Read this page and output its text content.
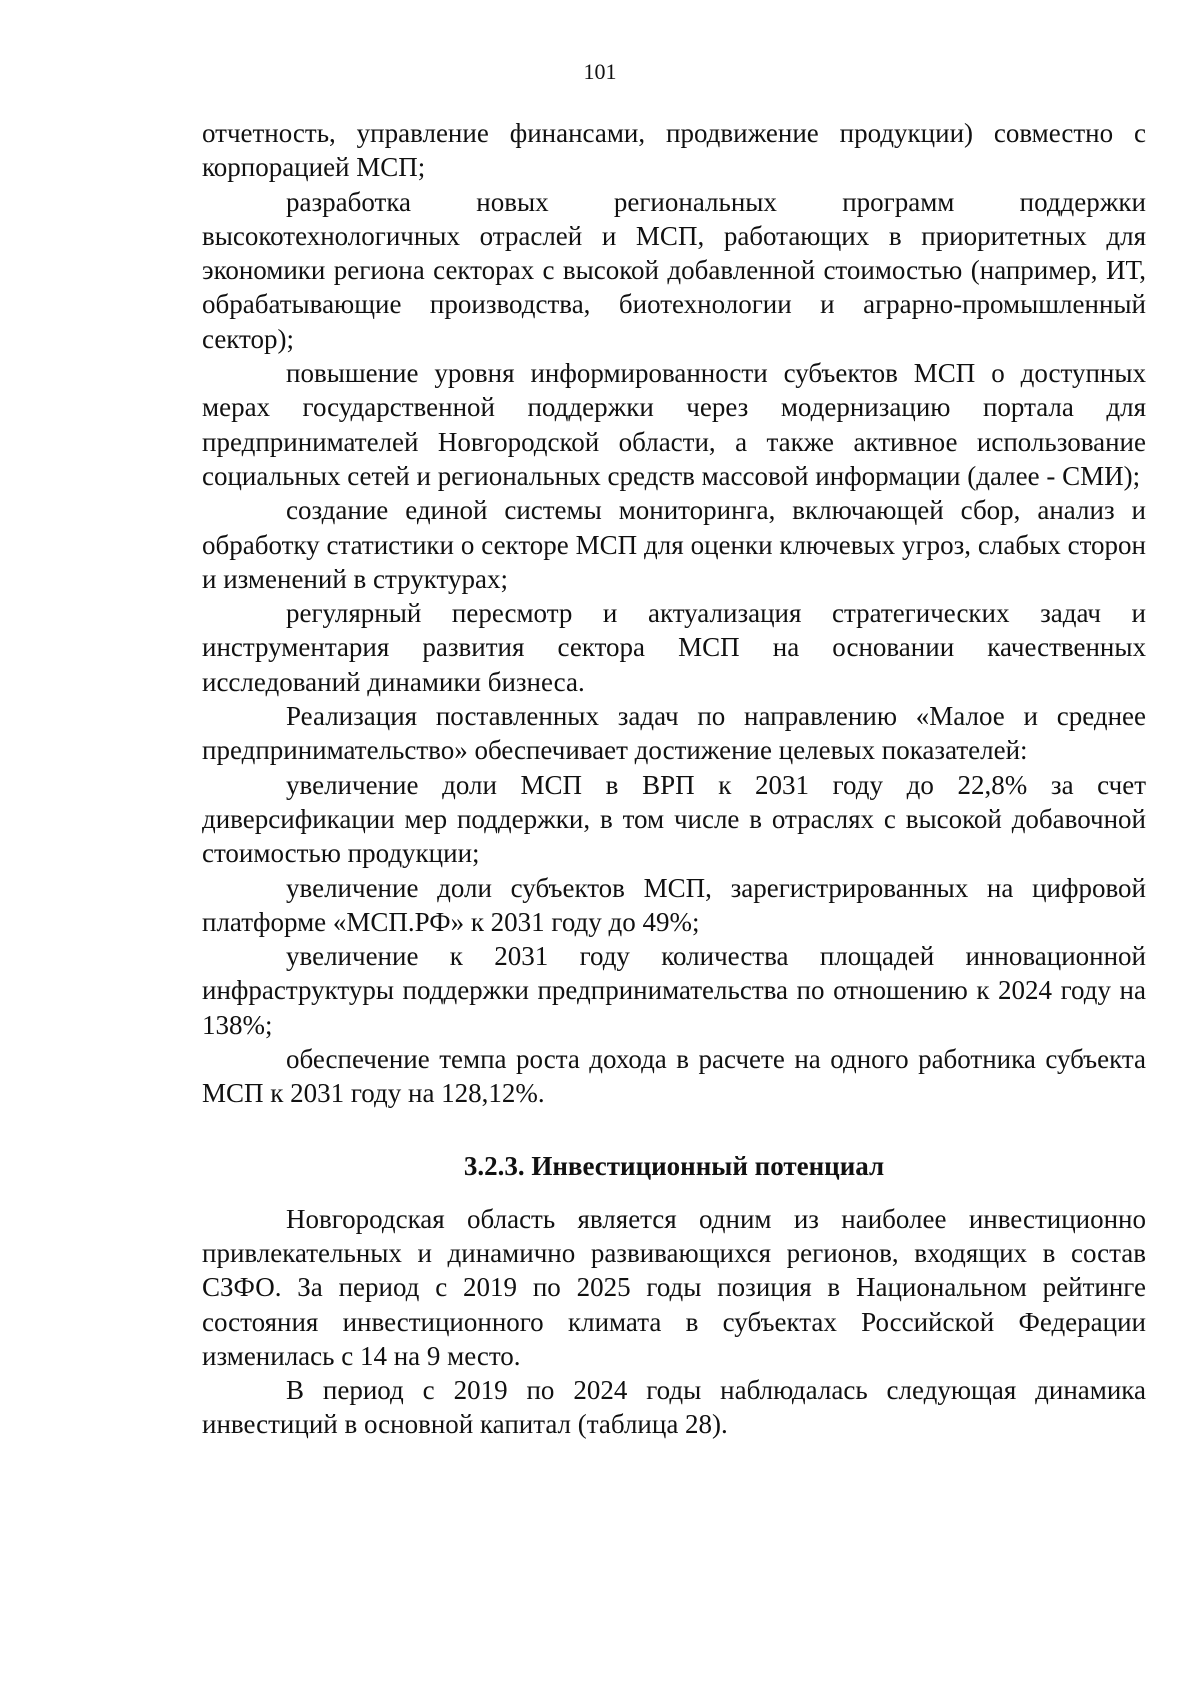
101

отчетность, управление финансами, продвижение продукции) совместно с корпорацией МСП;

разработка новых региональных программ поддержки высокотехнологичных отраслей и МСП, работающих в приоритетных для экономики региона секторах с высокой добавленной стоимостью (например, ИТ, обрабатывающие производства, биотехнологии и аграрно-промышленный сектор);

повышение уровня информированности субъектов МСП о доступных мерах государственной поддержки через модернизацию портала для предпринимателей Новгородской области, а также активное использование социальных сетей и региональных средств массовой информации (далее - СМИ);

создание единой системы мониторинга, включающей сбор, анализ и обработку статистики о секторе МСП для оценки ключевых угроз, слабых сторон и изменений в структурах;

регулярный пересмотр и актуализация стратегических задач и инструментария развития сектора МСП на основании качественных исследований динамики бизнеса.

Реализация поставленных задач по направлению «Малое и среднее предпринимательство» обеспечивает достижение целевых показателей:

увеличение доли МСП в ВРП к 2031 году до 22,8% за счет диверсификации мер поддержки, в том числе в отраслях с высокой добавочной стоимостью продукции;

увеличение доли субъектов МСП, зарегистрированных на цифровой платформе «МСП.РФ» к 2031 году до 49%;

увеличение к 2031 году количества площадей инновационной инфраструктуры поддержки предпринимательства по отношению к 2024 году на 138%;

обеспечение темпа роста дохода в расчете на одного работника субъекта МСП к 2031 году на 128,12%.

3.2.3. Инвестиционный потенциал

Новгородская область является одним из наиболее инвестиционно привлекательных и динамично развивающихся регионов, входящих в состав СЗФО. За период с 2019 по 2025 годы позиция в Национальном рейтинге состояния инвестиционного климата в субъектах Российской Федерации изменилась с 14 на 9 место.

В период с 2019 по 2024 годы наблюдалась следующая динамика инвестиций в основной капитал (таблица 28).
